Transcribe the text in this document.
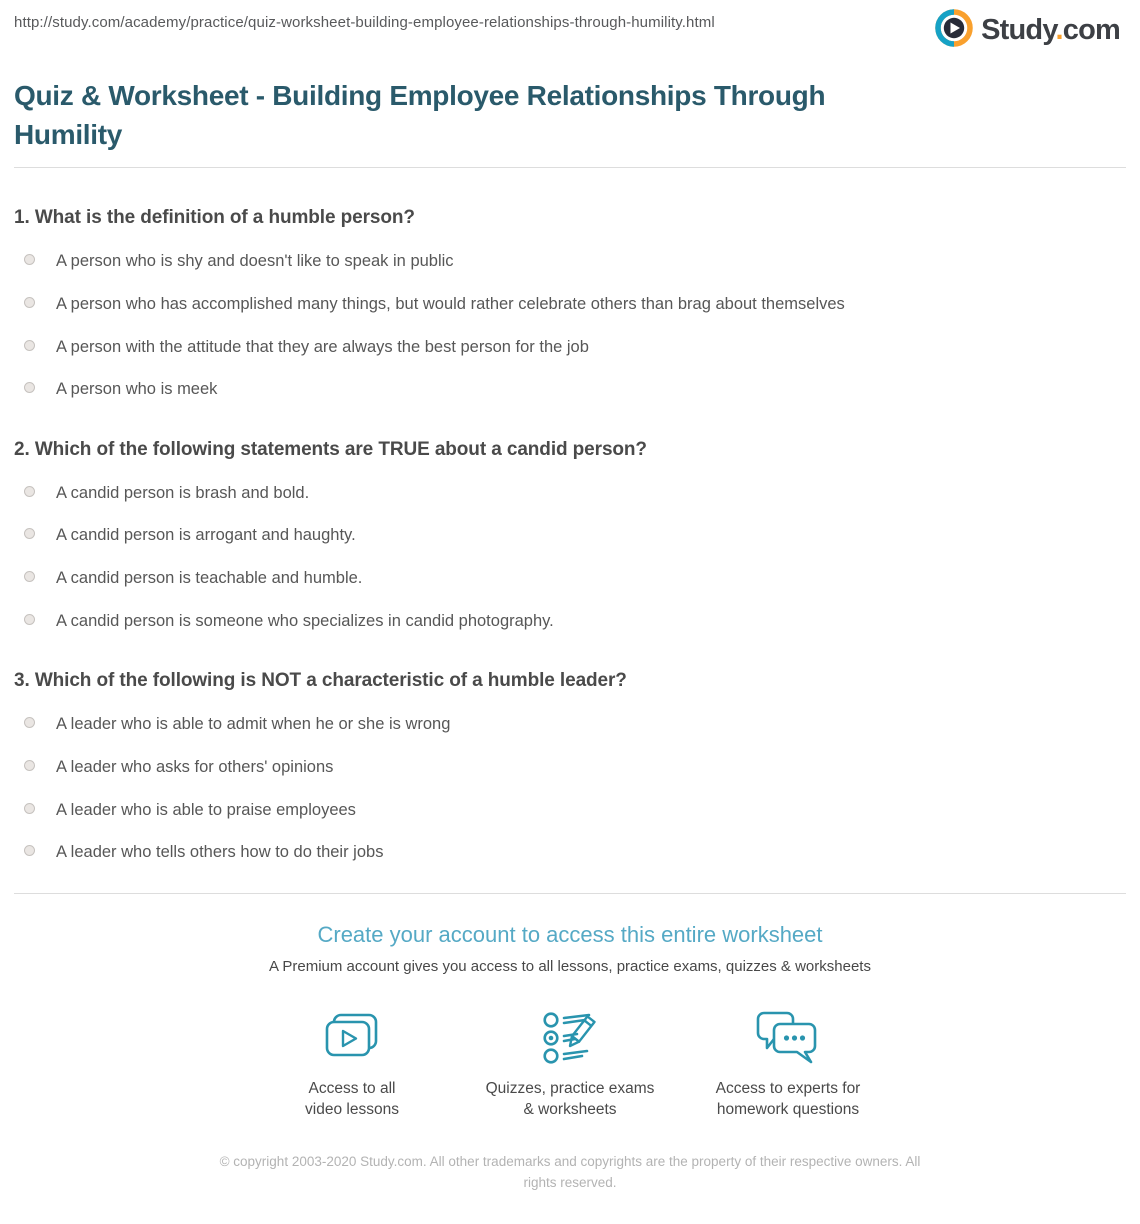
http://study.com/academy/practice/quiz-worksheet-building-employee-relationships-through-humility.html	Study.com
Quiz & Worksheet - Building Employee Relationships Through Humility
1. What is the definition of a humble person?
A person who is shy and doesn't like to speak in public
A person who has accomplished many things, but would rather celebrate others than brag about themselves
A person with the attitude that they are always the best person for the job
A person who is meek
2. Which of the following statements are TRUE about a candid person?
A candid person is brash and bold.
A candid person is arrogant and haughty.
A candid person is teachable and humble.
A candid person is someone who specializes in candid photography.
3. Which of the following is NOT a characteristic of a humble leader?
A leader who is able to admit when he or she is wrong
A leader who asks for others' opinions
A leader who is able to praise employees
A leader who tells others how to do their jobs
Create your account to access this entire worksheet

A Premium account gives you access to all lessons, practice exams, quizzes & worksheets

Access to all
video lessons
Quizzes, practice exams
& worksheets
Access to experts for
homework questions
© copyright 2003-2020 Study.com. All other trademarks and copyrights are the property of their respective owners. All rights reserved.
